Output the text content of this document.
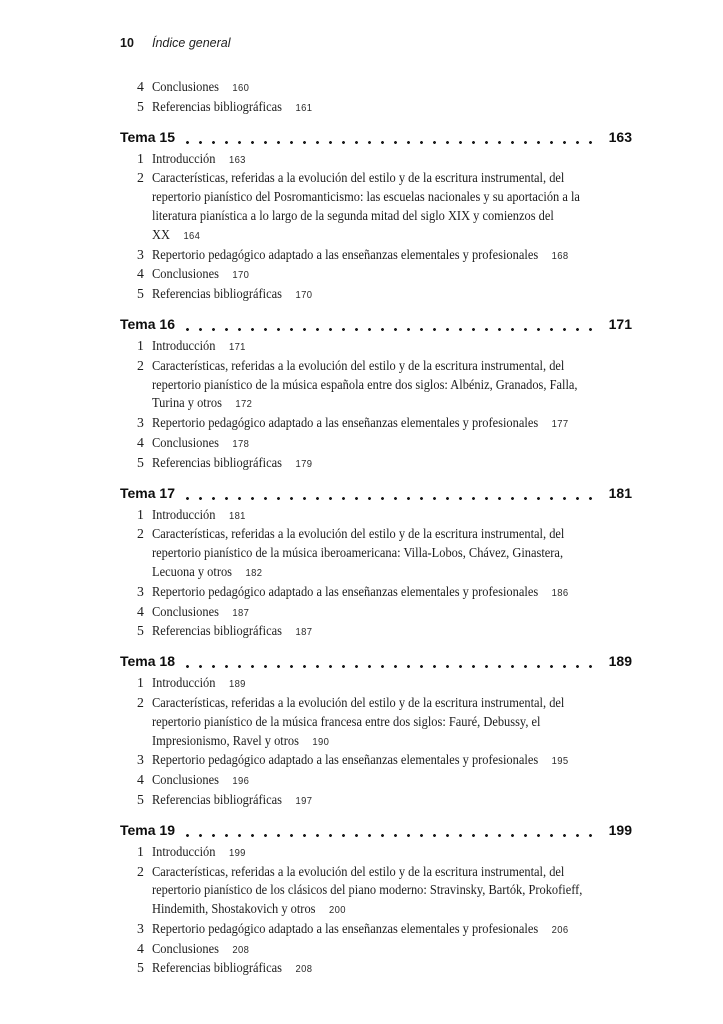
10 Índice general
4 Conclusiones 160
5 Referencias bibliográficas 161
Tema 15	163
1 Introducción 163
2 Características, referidas a la evolución del estilo y de la escritura instrumental, del
repertorio pianístico del Posromanticismo: las escuelas nacionales y su aportación a la
literatura pianística a lo largo de la segunda mitad del siglo XIX y comienzos del
XX 164
3 Repertorio pedagógico adaptado a las enseñanzas elementales y profesionales 168
4 Conclusiones 170
5 Referencias bibliográficas 170
Tema 16	171
1 Introducción 171
2 Características, referidas a la evolución del estilo y de la escritura instrumental, del
repertorio pianístico de la música española entre dos siglos: Albéniz, Granados, Falla,
Turina y otros 172
3 Repertorio pedagógico adaptado a las enseñanzas elementales y profesionales 177
4 Conclusiones 178
5 Referencias bibliográficas 179
Tema 17	181
1 Introducción 181
2 Características, referidas a la evolución del estilo y de la escritura instrumental, del
repertorio pianístico de la música iberoamericana: Villa-Lobos, Chávez, Ginastera,
Lecuona y otros 182
3 Repertorio pedagógico adaptado a las enseñanzas elementales y profesionales 186
4 Conclusiones 187
5 Referencias bibliográficas 187
Tema 18	189
1 Introducción 189
2 Características, referidas a la evolución del estilo y de la escritura instrumental, del
repertorio pianístico de la música francesa entre dos siglos: Fauré, Debussy, el
Impresionismo, Ravel y otros 190
3 Repertorio pedagógico adaptado a las enseñanzas elementales y profesionales 195
4 Conclusiones 196
5 Referencias bibliográficas 197
Tema 19	199
1 Introducción 199
2 Características, referidas a la evolución del estilo y de la escritura instrumental, del
repertorio pianístico de los clásicos del piano moderno: Stravinsky, Bartók, Prokofieff,
Hindemith, Shostakovich y otros 200
3 Repertorio pedagógico adaptado a las enseñanzas elementales y profesionales 206
4 Conclusiones 208
5 Referencias bibliográficas 208
